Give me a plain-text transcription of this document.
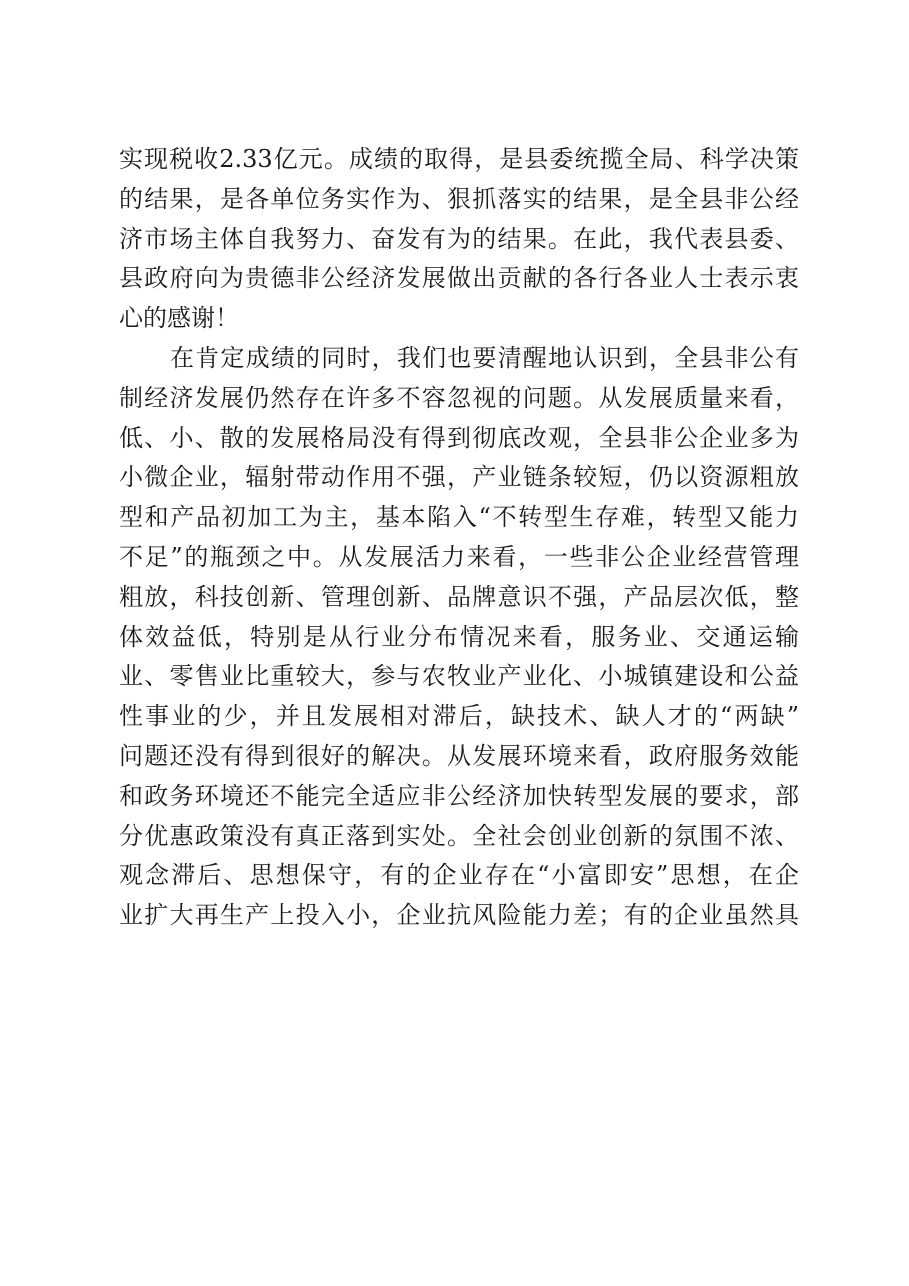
实现税收2.33亿元。成绩的取得，是县委统揽全局、科学决策
的结果，是各单位务实作为、狠抓落实的结果，是全县非公经
济市场主体自我努力、奋发有为的结果。在此，我代表县委、
县政府向为贵德非公经济发展做出贡献的各行各业人士表示衷
心的感谢！
在肯定成绩的同时，我们也要清醒地认识到，全县非公有
制经济发展仍然存在许多不容忽视的问题。从发展质量来看，
低、小、散的发展格局没有得到彻底改观，全县非公企业多为
小微企业，辐射带动作用不强，产业链条较短，仍以资源粗放
型和产品初加工为主，基本陷入“不转型生存难，转型又能力
不足”的瓶颈之中。从发展活力来看，一些非公企业经营管理
粗放，科技创新、管理创新、品牌意识不强，产品层次低，整
体效益低，特别是从行业分布情况来看，服务业、交通运输
业、零售业比重较大，参与农牧业产业化、小城镇建设和公益
性事业的少，并且发展相对滞后，缺技术、缺人才的“两缺”
问题还没有得到很好的解决。从发展环境来看，政府服务效能
和政务环境还不能完全适应非公经济加快转型发展的要求，部
分优惠政策没有真正落到实处。全社会创业创新的氛围不浓、
观念滞后、思想保守，有的企业存在“小富即安”思想，在企
业扩大再生产上投入小，企业抗风险能力差；有的企业虽然具
